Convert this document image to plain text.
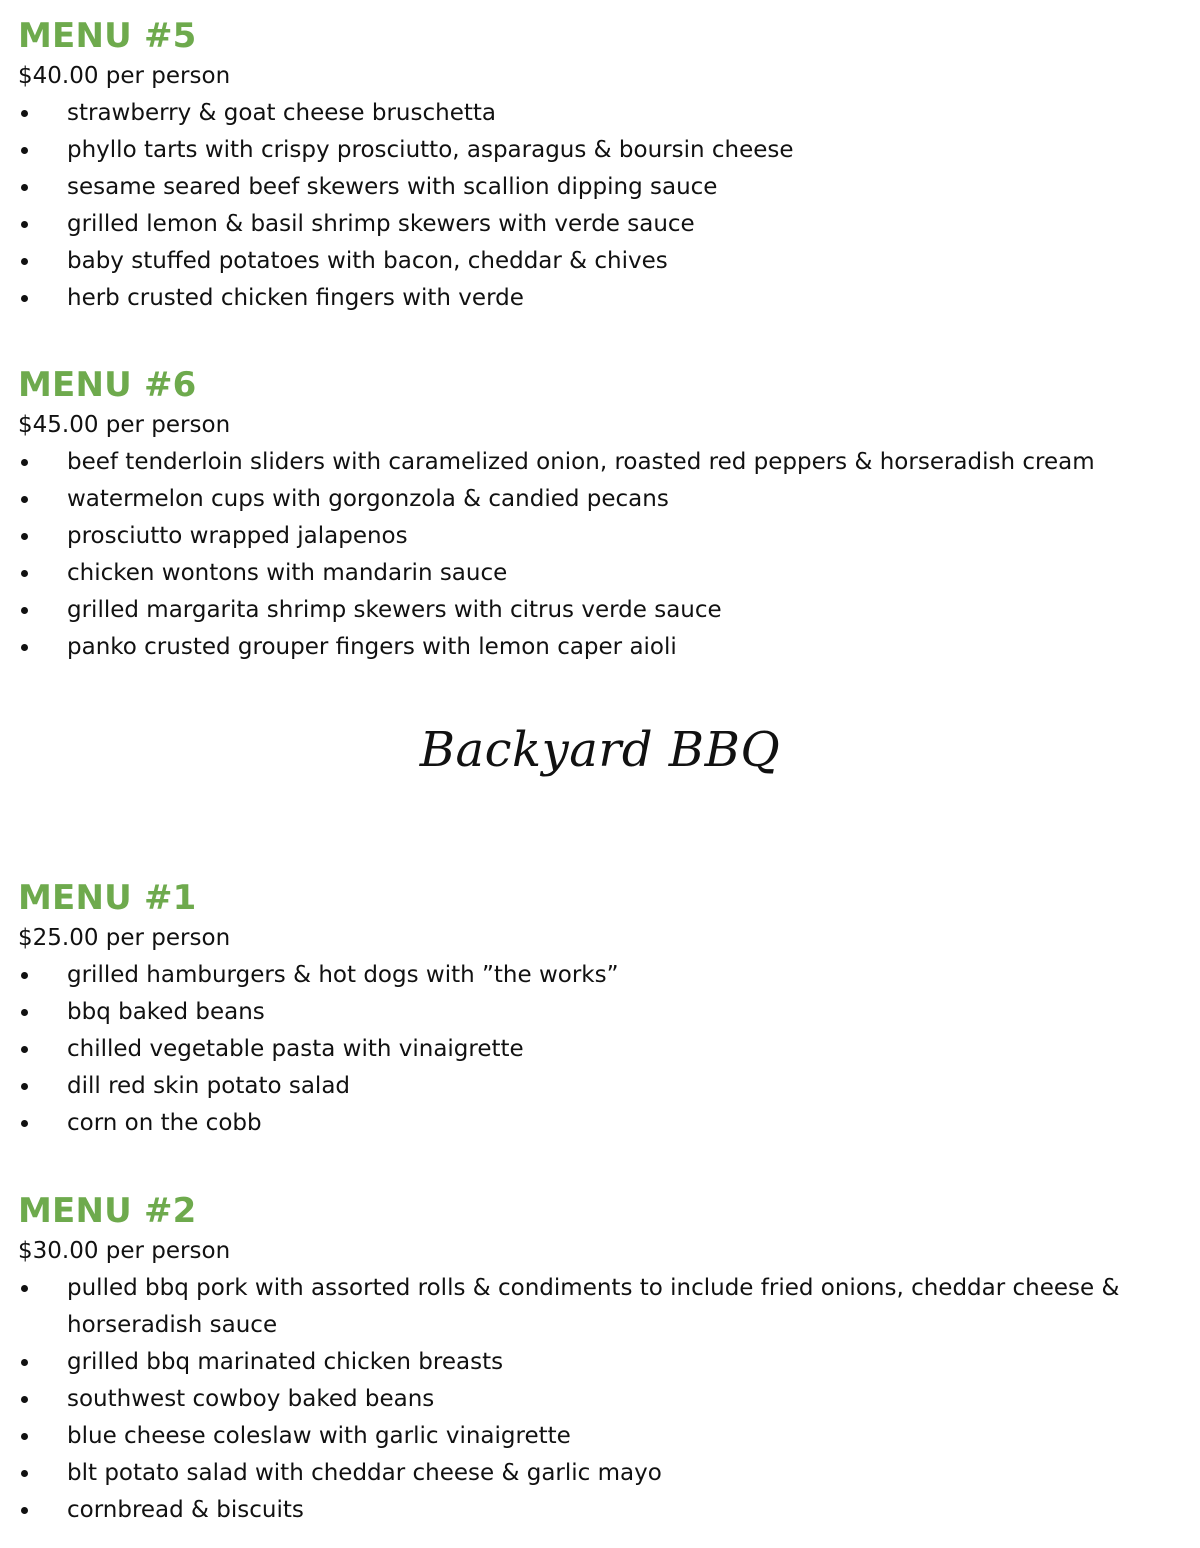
MENU #5

$40.00 per person

strawberry & goat cheese bruschetta
phyllo tarts with crispy prosciutto, asparagus & boursin cheese
sesame seared beef skewers with scallion dipping sauce
grilled lemon & basil shrimp skewers with verde sauce
baby stuffed potatoes with bacon, cheddar & chives
herb crusted chicken fingers with verde
MENU #6

$45.00 per person

beef tenderloin sliders with caramelized onion, roasted red peppers & horseradish cream
watermelon cups with gorgonzola & candied pecans
prosciutto wrapped jalapenos
chicken wontons with mandarin sauce
grilled margarita shrimp skewers with citrus verde sauce
panko crusted grouper fingers with lemon caper aioli
Backyard BBQ
MENU #1

$25.00 per person

grilled hamburgers & hot dogs with ”the works”
bbq baked beans
chilled vegetable pasta with vinaigrette
dill red skin potato salad
corn on the cobb
MENU #2

$30.00 per person

pulled bbq pork with assorted rolls & condiments to include fried onions, cheddar cheese & horseradish sauce
grilled bbq marinated chicken breasts
southwest cowboy baked beans
blue cheese coleslaw with garlic vinaigrette
blt potato salad with cheddar cheese & garlic mayo
cornbread & biscuits
